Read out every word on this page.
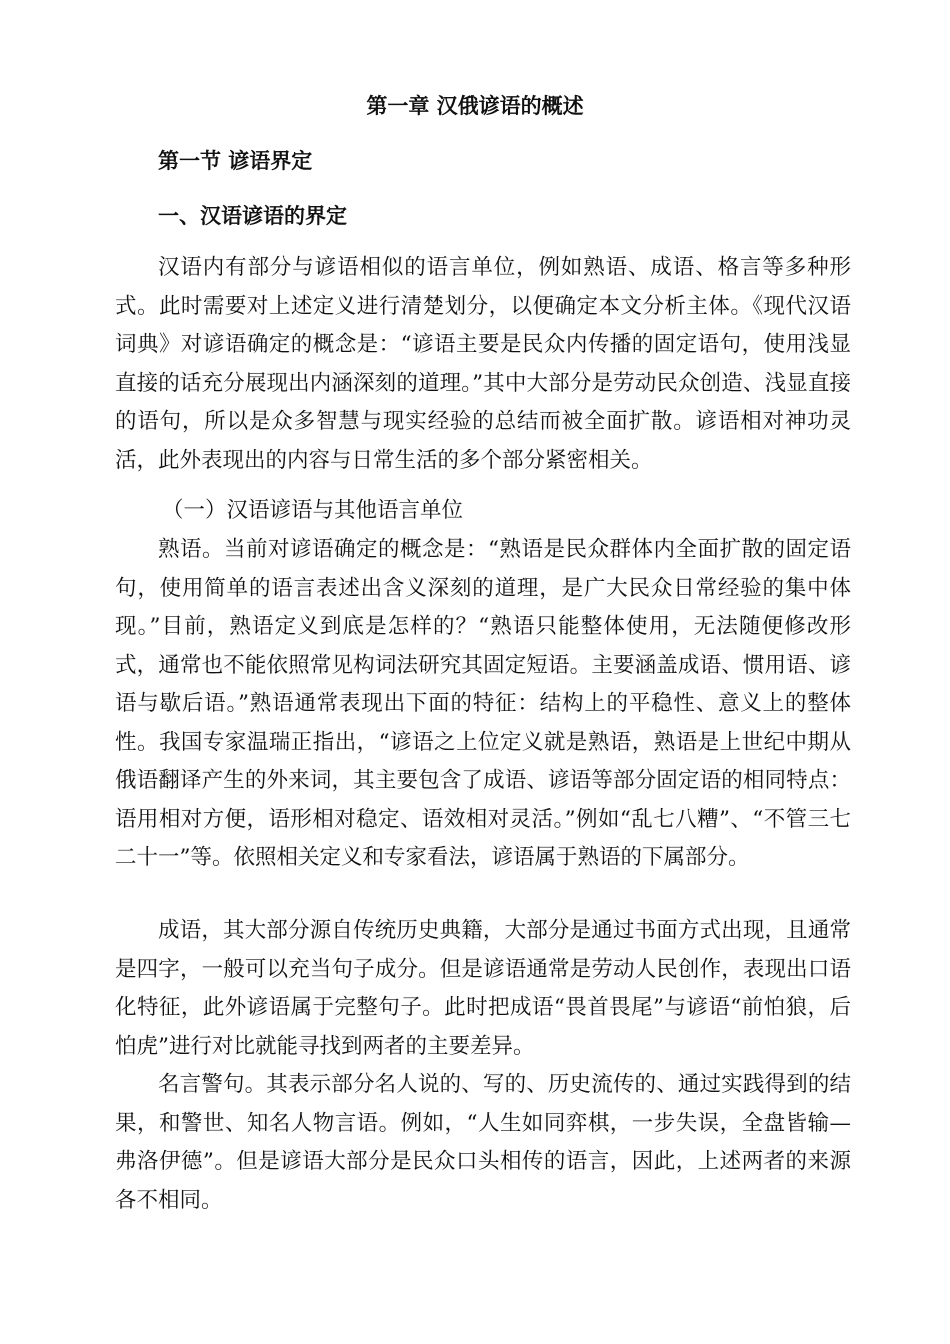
第一章 汉俄谚语的概述
第一节 谚语界定
一、汉语谚语的界定

汉语内有部分与谚语相似的语言单位，例如熟语、成语、格言等多种形式。此时需要对上述定义进行清楚划分，以便确定本文分析主体。《现代汉语词典》对谚语确定的概念是：“谚语主要是民众内传播的固定语句，使用浅显直接的话充分展现出内涵深刻的道理。”其中大部分是劳动民众创造、浅显直接的语句，所以是众多智慧与现实经验的总结而被全面扩散。谚语相对神功灵活，此外表现出的内容与日常生活的多个部分紧密相关。

（一）汉语谚语与其他语言单位

熟语。当前对谚语确定的概念是：“熟语是民众群体内全面扩散的固定语句，使用简单的语言表述出含义深刻的道理，是广大民众日常经验的集中体现。”目前，熟语定义到底是怎样的？“熟语只能整体使用，无法随便修改形式，通常也不能依照常见构词法研究其固定短语。主要涵盖成语、惯用语、谚语与歇后语。”熟语通常表现出下面的特征：结构上的平稳性、意义上的整体性。我国专家温瑞正指出，“谚语之上位定义就是熟语，熟语是上世纪中期从俄语翻译产生的外来词，其主要包含了成语、谚语等部分固定语的相同特点：语用相对方便，语形相对稳定、语效相对灵活。”例如“乱七八糟”、“不管三七二十一”等。依照相关定义和专家看法，谚语属于熟语的下属部分。

成语，其大部分源自传统历史典籍，大部分是通过书面方式出现，且通常是四字，一般可以充当句子成分。但是谚语通常是劳动人民创作，表现出口语化特征，此外谚语属于完整句子。此时把成语“畏首畏尾”与谚语“前怕狼，后怕虎”进行对比就能寻找到两者的主要差异。

名言警句。其表示部分名人说的、写的、历史流传的、通过实践得到的结果，和警世、知名人物言语。例如，“人生如同弈棋，一步失误，全盘皆输—弗洛伊德”。但是谚语大部分是民众口头相传的语言，因此，上述两者的来源各不相同。
